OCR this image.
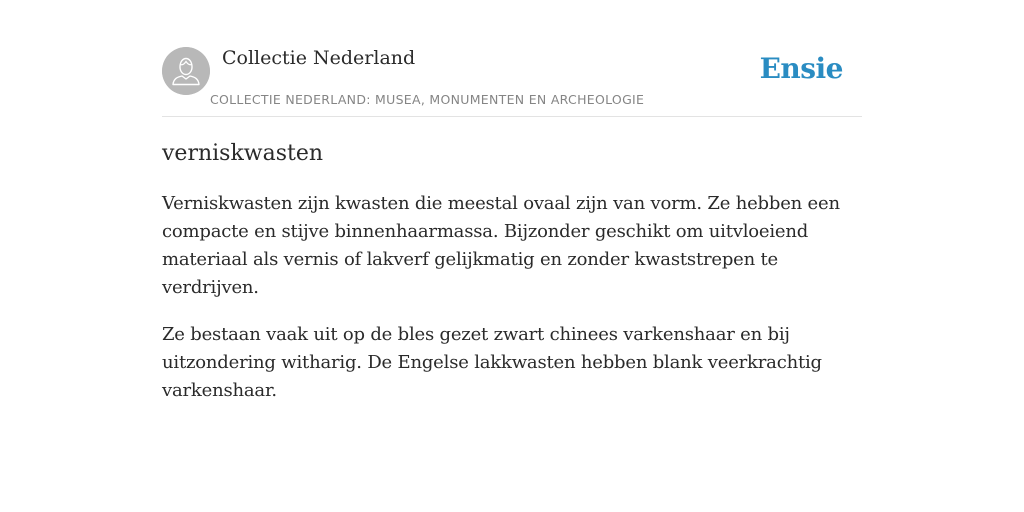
Collectie Nederland
COLLECTIE NEDERLAND: MUSEA, MONUMENTEN EN ARCHEOLOGIE
Ensie
verniskwasten

Verniskwasten zijn kwasten die meestal ovaal zijn van vorm. Ze hebben een compacte en stijve binnenhaarmassa. Bijzonder geschikt om uitvloeiend materiaal als vernis of lakverf gelijkmatig en zonder kwaststrepen te verdrijven.

Ze bestaan vaak uit op de bles gezet zwart chinees varkenshaar en bij uitzondering witharig. De Engelse lakkwasten hebben blank veerkrachtig varkenshaar.
